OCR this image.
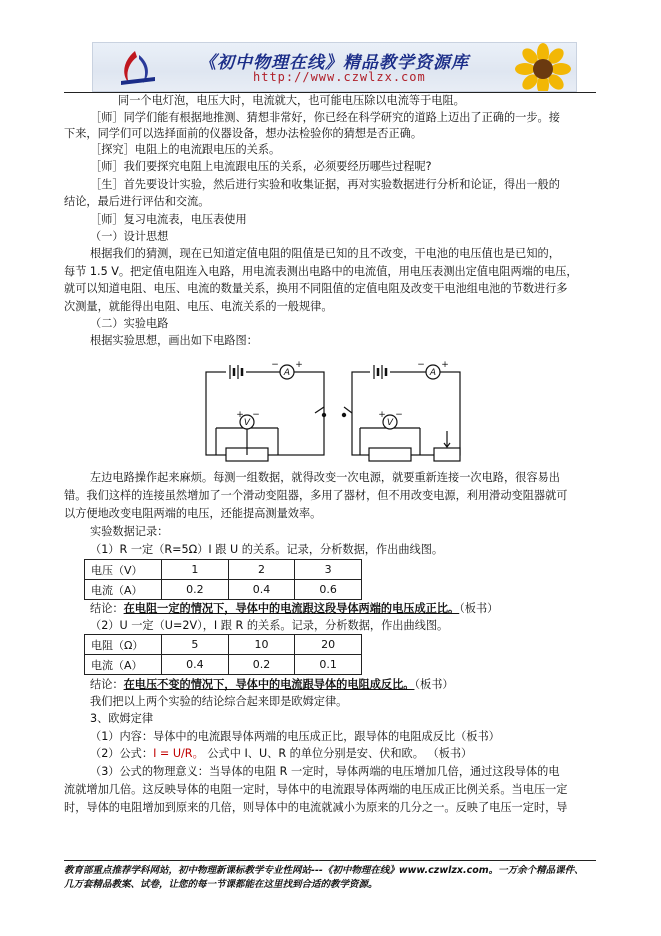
《初中物理在线》精品教学资源库
http://www.czwlzx.com
同一个电灯泡，电压大时，电流就大，也可能电压除以电流等于电阻。
［师］同学们能有根据地推测、猜想非常好，你已经在科学研究的道路上迈出了正确的一步。接
下来，同学们可以选择面前的仪器设备，想办法检验你的猜想是否正确。
［探究］电阻上的电流跟电压的关系。
［师］我们要探究电阻上电流跟电压的关系，必须要经历哪些过程呢?
［生］首先要设计实验，然后进行实验和收集证据，再对实验数据进行分析和论证，得出一般的
结论，最后进行评估和交流。
［师］复习电流表，电压表使用
（一）设计思想
根据我们的猜测，现在已知道定值电阻的阻值是已知的且不改变，干电池的电压值也是已知的，
每节 1.5 V。把定值电阻连入电路，用电流表测出电路中的电流值，用电压表测出定值电阻两端的电压，
就可以知道电阻、电压、电流的数量关系，换用不同阻值的定值电阻及改变干电池组电池的节数进行多
次测量，就能得出电阻、电压、电流关系的一般规律。
（二）实验电路
根据实验思想，画出如下电路图：
A
V
A
V
+
−	+
−
+ −	+ −
左边电路操作起来麻烦。每测一组数据，就得改变一次电源，就要重新连接一次电路，很容易出
错。我们这样的连接虽然增加了一个滑动变阻器，多用了器材，但不用改变电源，利用滑动变阻器就可
以方便地改变电阻两端的电压，还能提高测量效率。
实验数据记录：
（1）R 一定（R=5Ω）I 跟 U 的关系。记录，分析数据，作出曲线图。
电压（V）	1	2	3
电流（A）	0.2	0.4	0.6
结论：在电阻一定的情况下，导体中的电流跟这段导体两端的电压成正比。（板书）
（2）U 一定（U=2V），I 跟 R 的关系。记录，分析数据，作出曲线图。
电阻（Ω）	5	10	20
电流（A）	0.4	0.2	0.1
结论：在电压不变的情况下，导体中的电流跟导体的电阻成反比。（板书）
我们把以上两个实验的结论综合起来即是欧姆定律。
3、欧姆定律
（1）内容：导体中的电流跟导体两端的电压成正比，跟导体的电阻成反比（板书）
（2）公式：I = U/R。 公式中 I、U、R 的单位分别是安、伏和欧。 （板书）
（3）公式的物理意义：当导体的电阻 R 一定时，导体两端的电压增加几倍，通过这段导体的电
流就增加几倍。这反映导体的电阻一定时，导体中的电流跟导体两端的电压成正比例关系。当电压一定
时，导体的电阻增加到原来的几倍，则导体中的电流就减小为原来的几分之一。反映了电压一定时，导
教育部重点推荐学科网站，初中物理新课标教学专业性网站---《初中物理在线》www.czwlzx.com。一万余个精品课件、
几万套精品教案、试卷，让您的每一节课都能在这里找到合适的教学资源。
